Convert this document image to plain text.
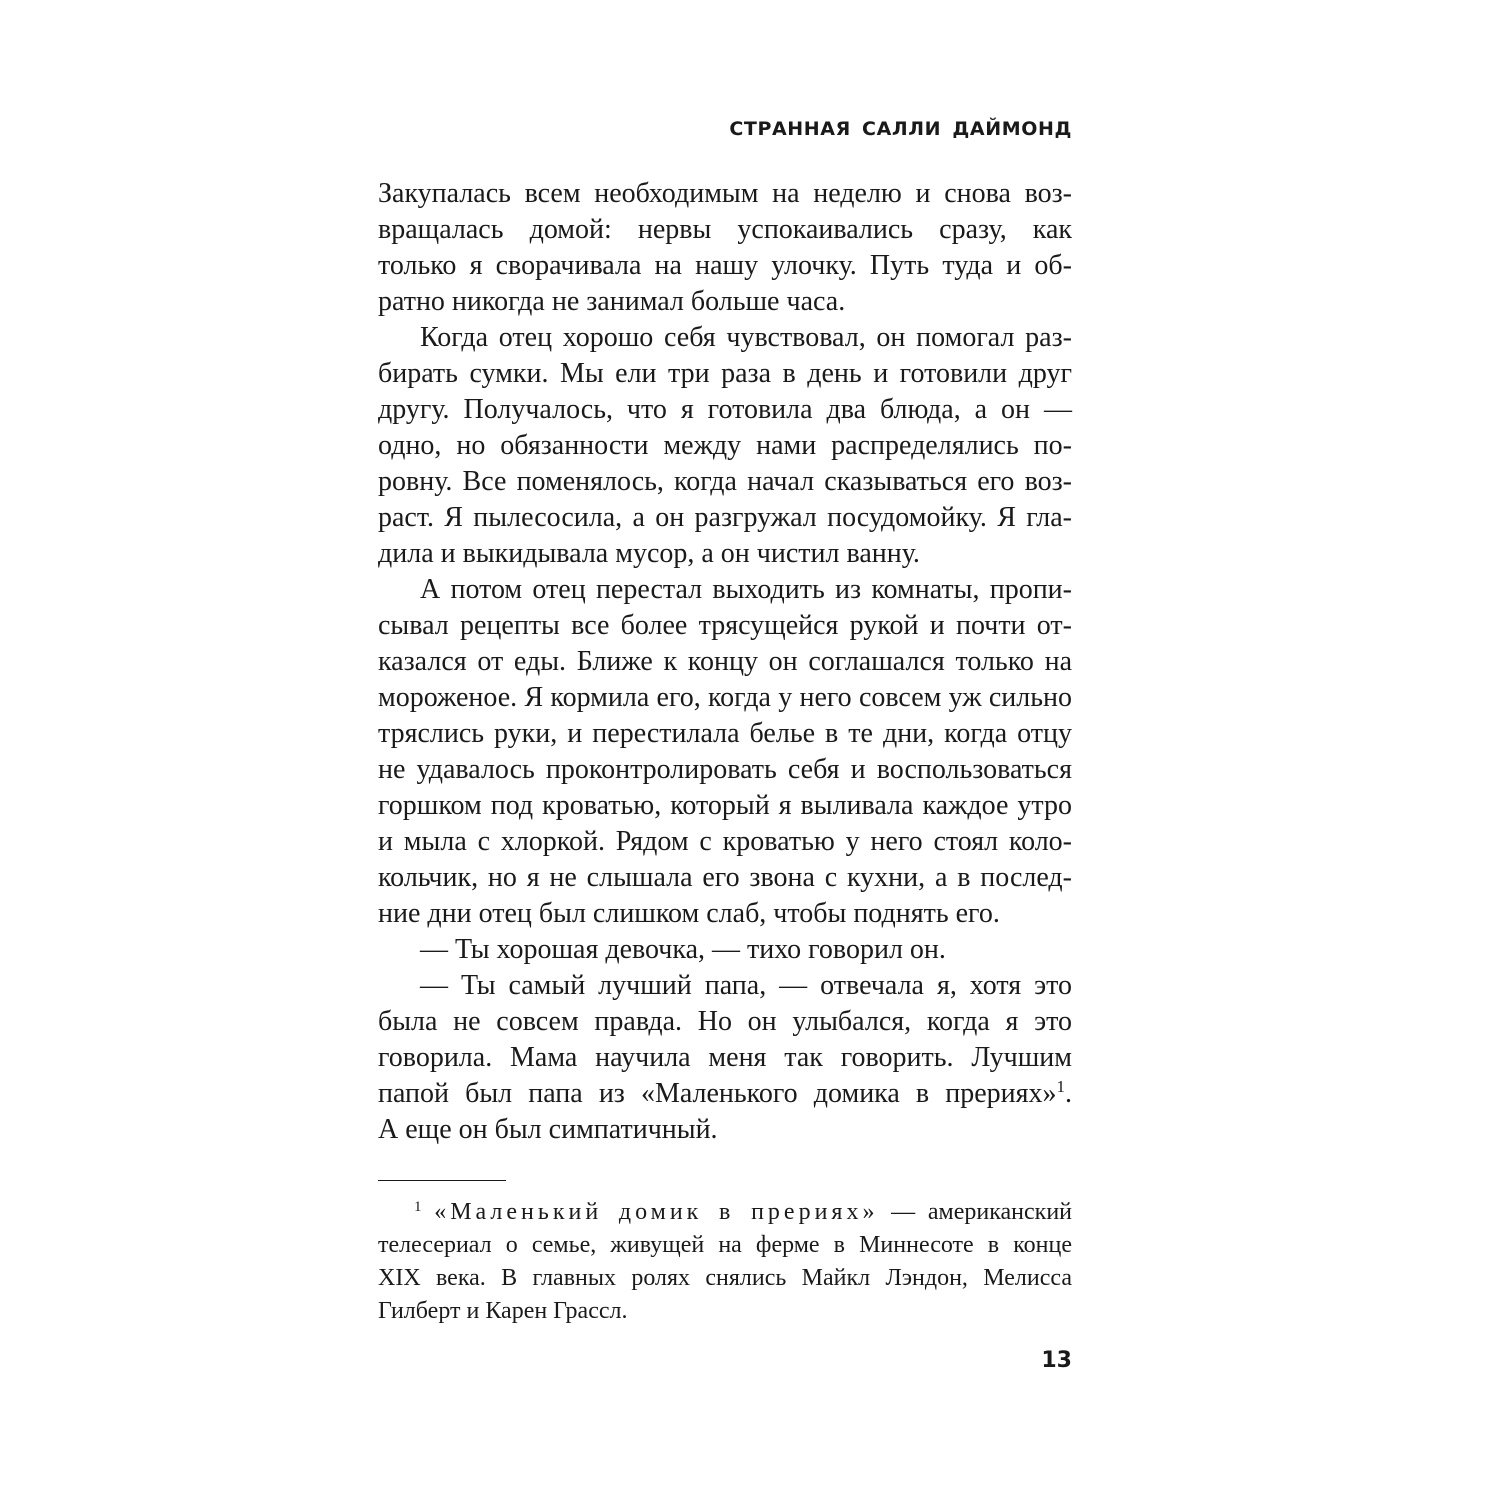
СТРАННАЯ САЛЛИ ДАЙМОНД

Закупалась всем необходимым на неделю и снова воз-

вращалась домой: нервы успокаивались сразу, как

только я сворачивала на нашу улочку. Путь туда и об-

ратно никогда не занимал больше часа.

Когда отец хорошо себя чувствовал, он помогал раз-

бирать сумки. Мы ели три раза в день и готовили друг

другу. Получалось, что я готовила два блюда, а он —

одно, но обязанности между нами распределялись по-

ровну. Все поменялось, когда начал сказываться его воз-

раст. Я пылесосила, а он разгружал посудомойку. Я гла-

дила и выкидывала мусор, а он чистил ванну.

А потом отец перестал выходить из комнаты, пропи-

сывал рецепты все более трясущейся рукой и почти от-

казался от еды. Ближе к концу он соглашался только на

мороженое. Я кормила его, когда у него совсем уж сильно

тряслись руки, и перестилала белье в те дни, когда отцу

не удавалось проконтролировать себя и воспользоваться

горшком под кроватью, который я выливала каждое утро

и мыла с хлоркой. Рядом с кроватью у него стоял коло-

кольчик, но я не слышала его звона с кухни, а в послед-

ние дни отец был слишком слаб, чтобы поднять его.

— Ты хорошая девочка, — тихо говорил он.

— Ты самый лучший папа, — отвечала я, хотя это

была не совсем правда. Но он улыбался, когда я это

говорила. Мама научила меня так говорить. Лучшим

папой был папа из «Маленького домика в прериях»$^1$.

А еще он был симпатичный.

$^1$ «Маленький домик в прериях» — американский

телесериал о семье, живущей на ферме в Миннесоте в конце

XIX века. В главных ролях снялись Майкл Лэндон, Мелисса

Гилберт и Карен Грассл.

13
